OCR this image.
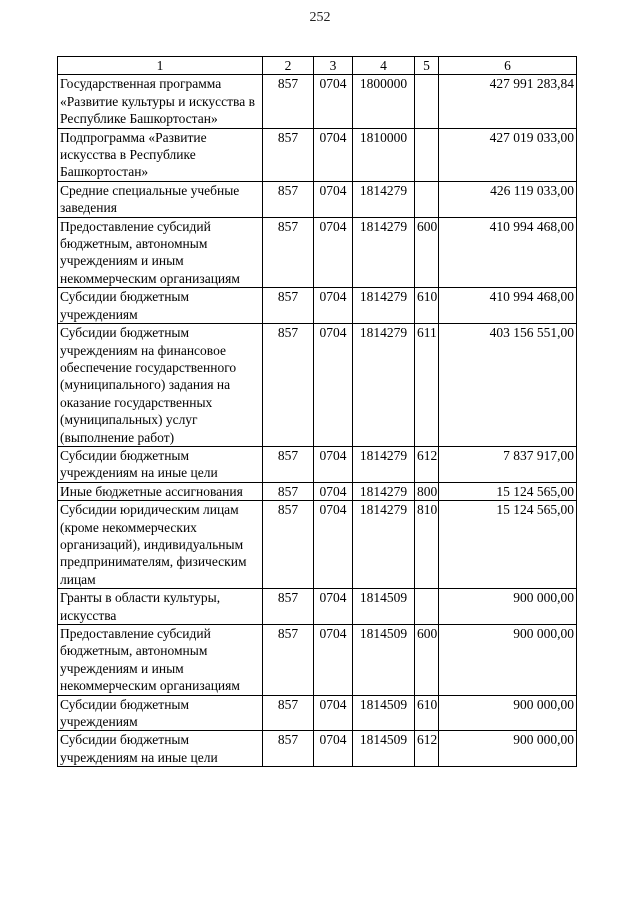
252
1	2	3	4	5	6
Государственная программа «Развитие культуры и искусства в Республике Башкортостан»	857	0704	1800000		427 991 283,84
Подпрограмма «Развитие искусства в Республике Башкортостан»	857	0704	1810000		427 019 033,00
Средние специальные учебные заведения	857	0704	1814279		426 119 033,00
Предоставление субсидий бюджетным, автономным учреждениям и иным некоммерческим организациям	857	0704	1814279	600	410 994 468,00
Субсидии бюджетным учреждениям	857	0704	1814279	610	410 994 468,00
Субсидии бюджетным учреждениям на финансовое обеспечение государственного (муниципального) задания на оказание государственных (муниципальных) услуг (выполнение работ)	857	0704	1814279	611	403 156 551,00
Субсидии бюджетным учреждениям на иные цели	857	0704	1814279	612	7 837 917,00
Иные бюджетные ассигнования	857	0704	1814279	800	15 124 565,00
Субсидии юридическим лицам (кроме некоммерческих организаций), индивидуальным предпринимателям, физическим лицам	857	0704	1814279	810	15 124 565,00
Гранты в области культуры, искусства	857	0704	1814509		900 000,00
Предоставление субсидий бюджетным, автономным учреждениям и иным некоммерческим организациям	857	0704	1814509	600	900 000,00
Субсидии бюджетным учреждениям	857	0704	1814509	610	900 000,00
Субсидии бюджетным учреждениям на иные цели	857	0704	1814509	612	900 000,00
